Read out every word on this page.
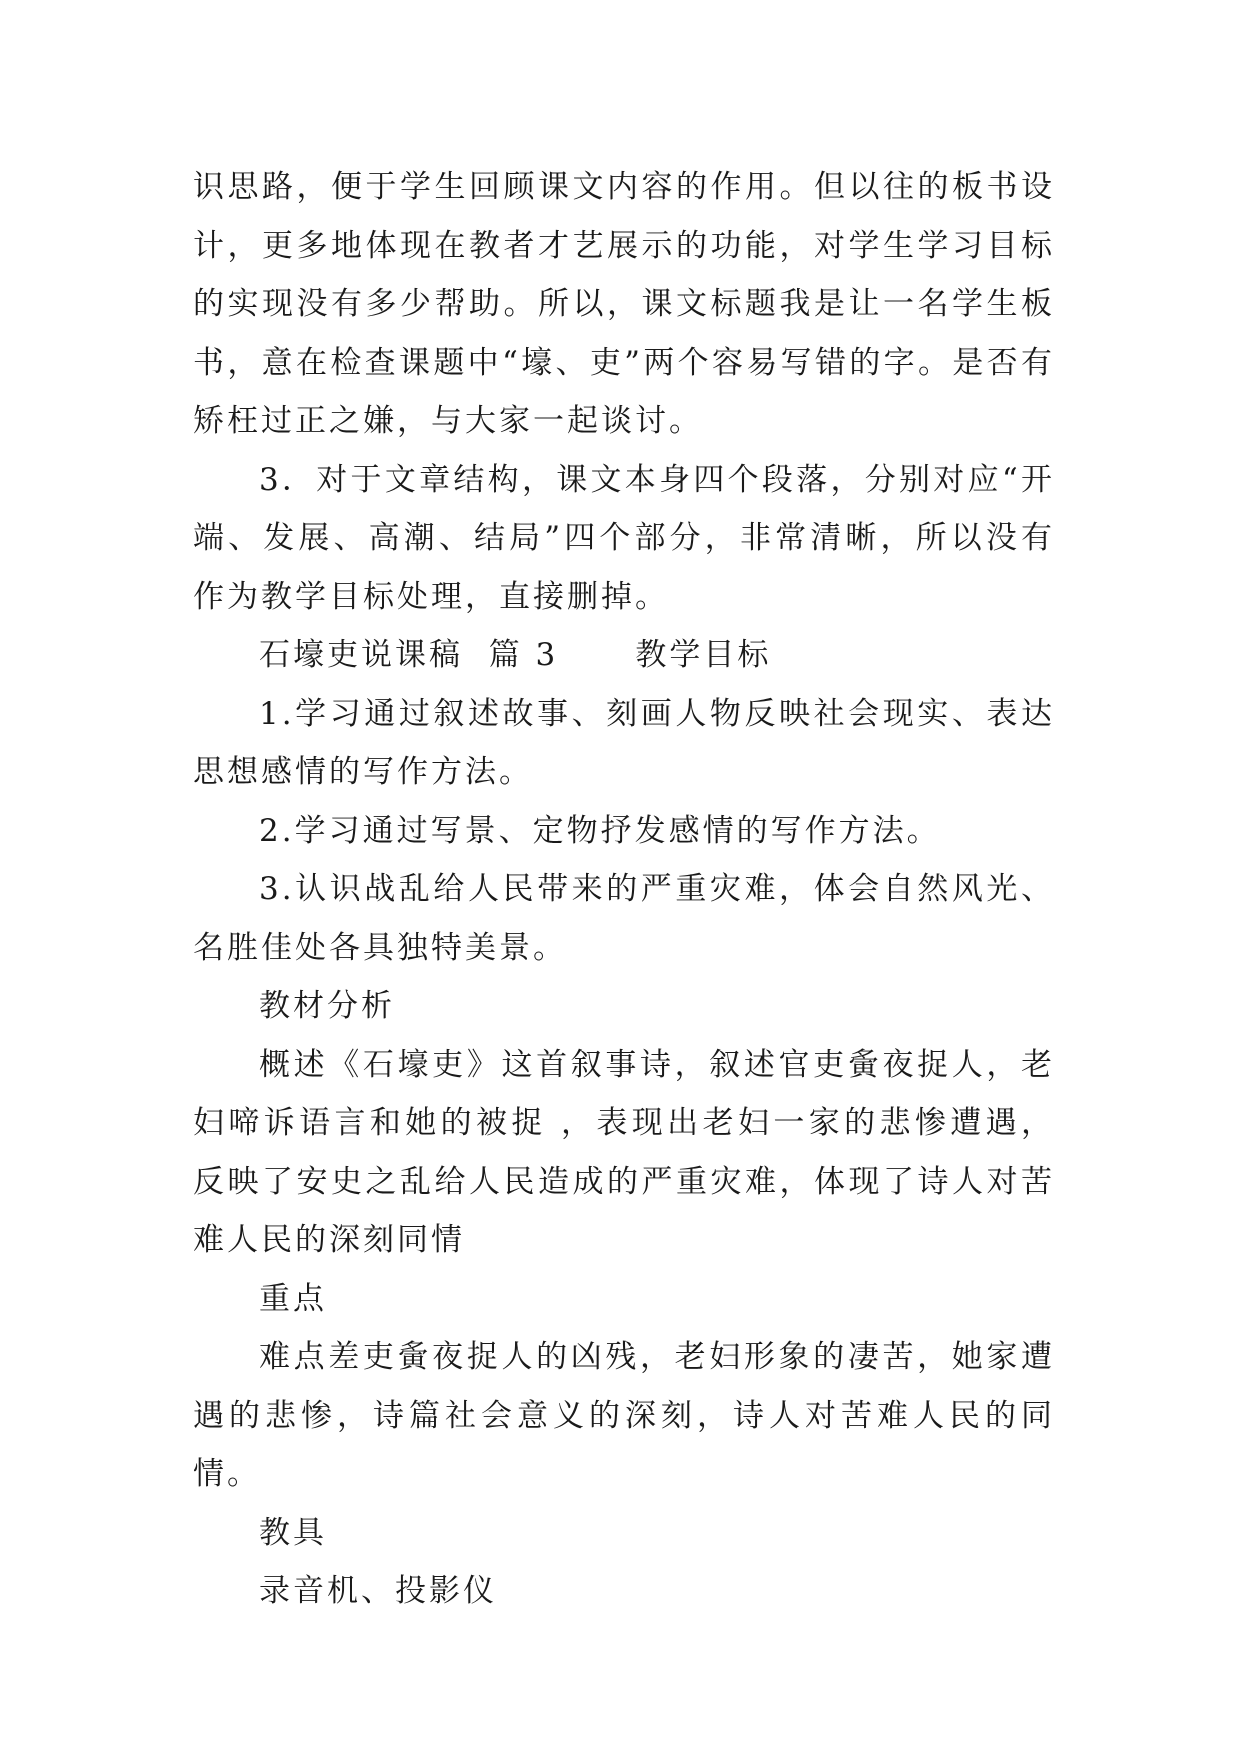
识思路，便于学生回顾课文内容的作用。但以往的板书设计，更多地体现在教者才艺展示的功能，对学生学习目标的实现没有多少帮助。所以，课文标题我是让一名学生板书，意在检查课题中“壕、吏”两个容易写错的字。是否有矫枉过正之嫌，与大家一起谈讨。

3．对于文章结构，课文本身四个段落，分别对应“开端、发展、高潮、结局”四个部分，非常清晰，所以没有作为教学目标处理，直接删掉。

石壕吏说课稿  篇 3      教学目标

1.学习通过叙述故事、刻画人物反映社会现实、表达思想感情的写作方法。

2.学习通过写景、定物抒发感情的写作方法。

3.认识战乱给人民带来的严重灾难，体会自然风光、名胜佳处各具独特美景。

教材分析

概述《石壕吏》这首叙事诗，叙述官吏夤夜捉人，老妇啼诉语言和她的被捉 ，表现出老妇一家的悲惨遭遇，反映了安史之乱给人民造成的严重灾难，体现了诗人对苦难人民的深刻同情

重点

难点差吏夤夜捉人的凶残，老妇形象的凄苦，她家遭遇的悲惨，诗篇社会意义的深刻，诗人对苦难人民的同情。

教具

录音机、投影仪
